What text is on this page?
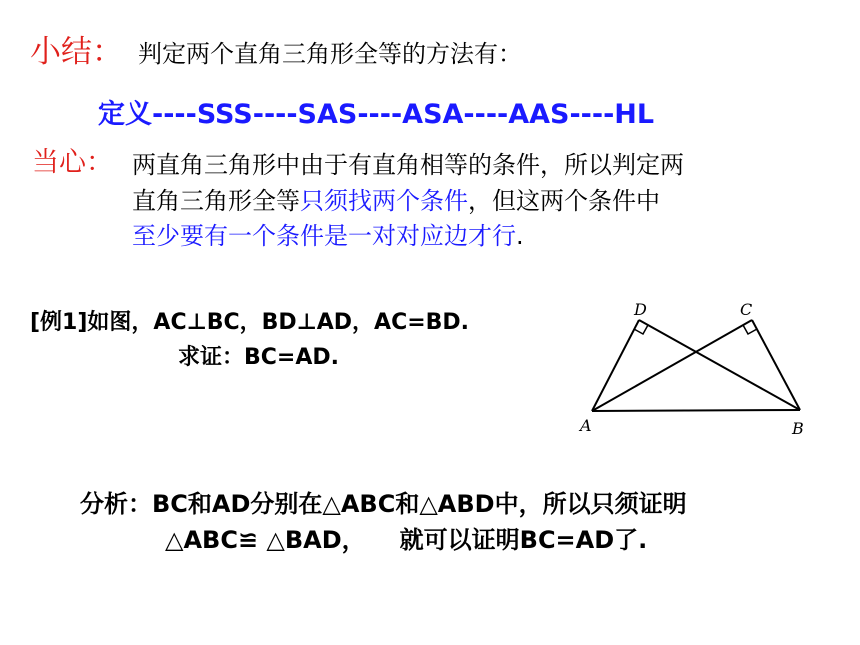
小结： 判定两个直角三角形全等的方法有：
定义----SSS----SAS----ASA----AAS----HL
当心： 两直角三角形中由于有直角相等的条件，所以判定两
直角三角形全等只须找两个条件，但这两个条件中
至少要有一个条件是一对对应边才行.
[例1]如图，AC⊥BC，BD⊥AD，AC=BD.
求证：BC=AD.
D	C
A	B
分析：BC和AD分别在△ABC和△ABD中，所以只须证明
△ABC≌ △BAD， 就可以证明BC=AD了.
